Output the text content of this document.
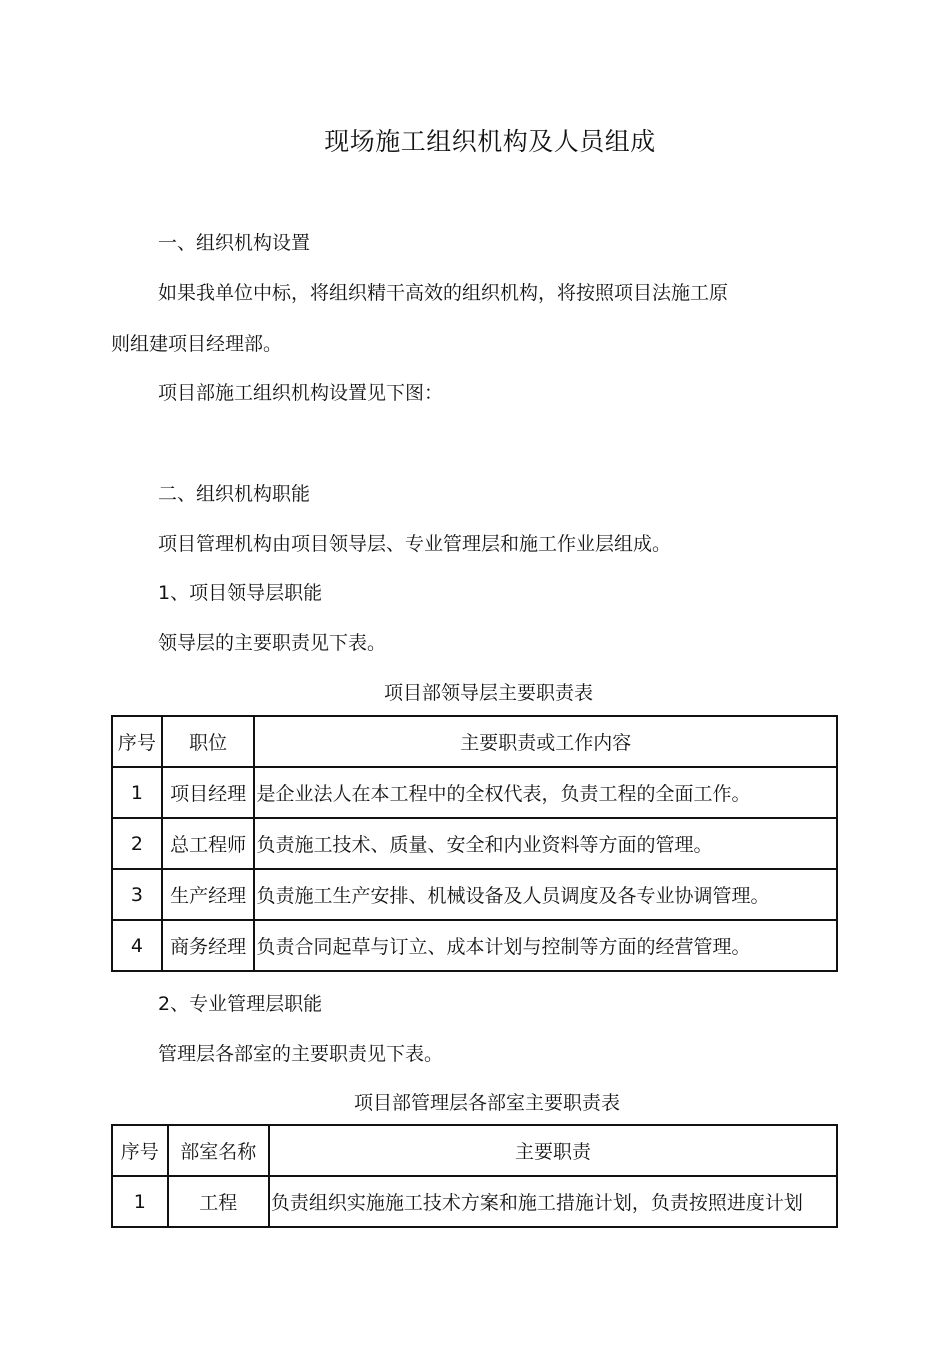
现场施工组织机构及人员组成
一、组织机构设置
如果我单位中标，将组织精干高效的组织机构，将按照项目法施工原
则组建项目经理部。
项目部施工组织机构设置见下图：
二、组织机构职能
项目管理机构由项目领导层、专业管理层和施工作业层组成。
1、项目领导层职能
领导层的主要职责见下表。
项目部领导层主要职责表
序号	职位	主要职责或工作内容
1	项目经理	是企业法人在本工程中的全权代表，负责工程的全面工作。
2	总工程师	负责施工技术、质量、安全和内业资料等方面的管理。
3	生产经理	负责施工生产安排、机械设备及人员调度及各专业协调管理。
4	商务经理	负责合同起草与订立、成本计划与控制等方面的经营管理。
2、专业管理层职能
管理层各部室的主要职责见下表。
项目部管理层各部室主要职责表
序号	部室名称	主要职责
1	工程	负责组织实施施工技术方案和施工措施计划，负责按照进度计划
